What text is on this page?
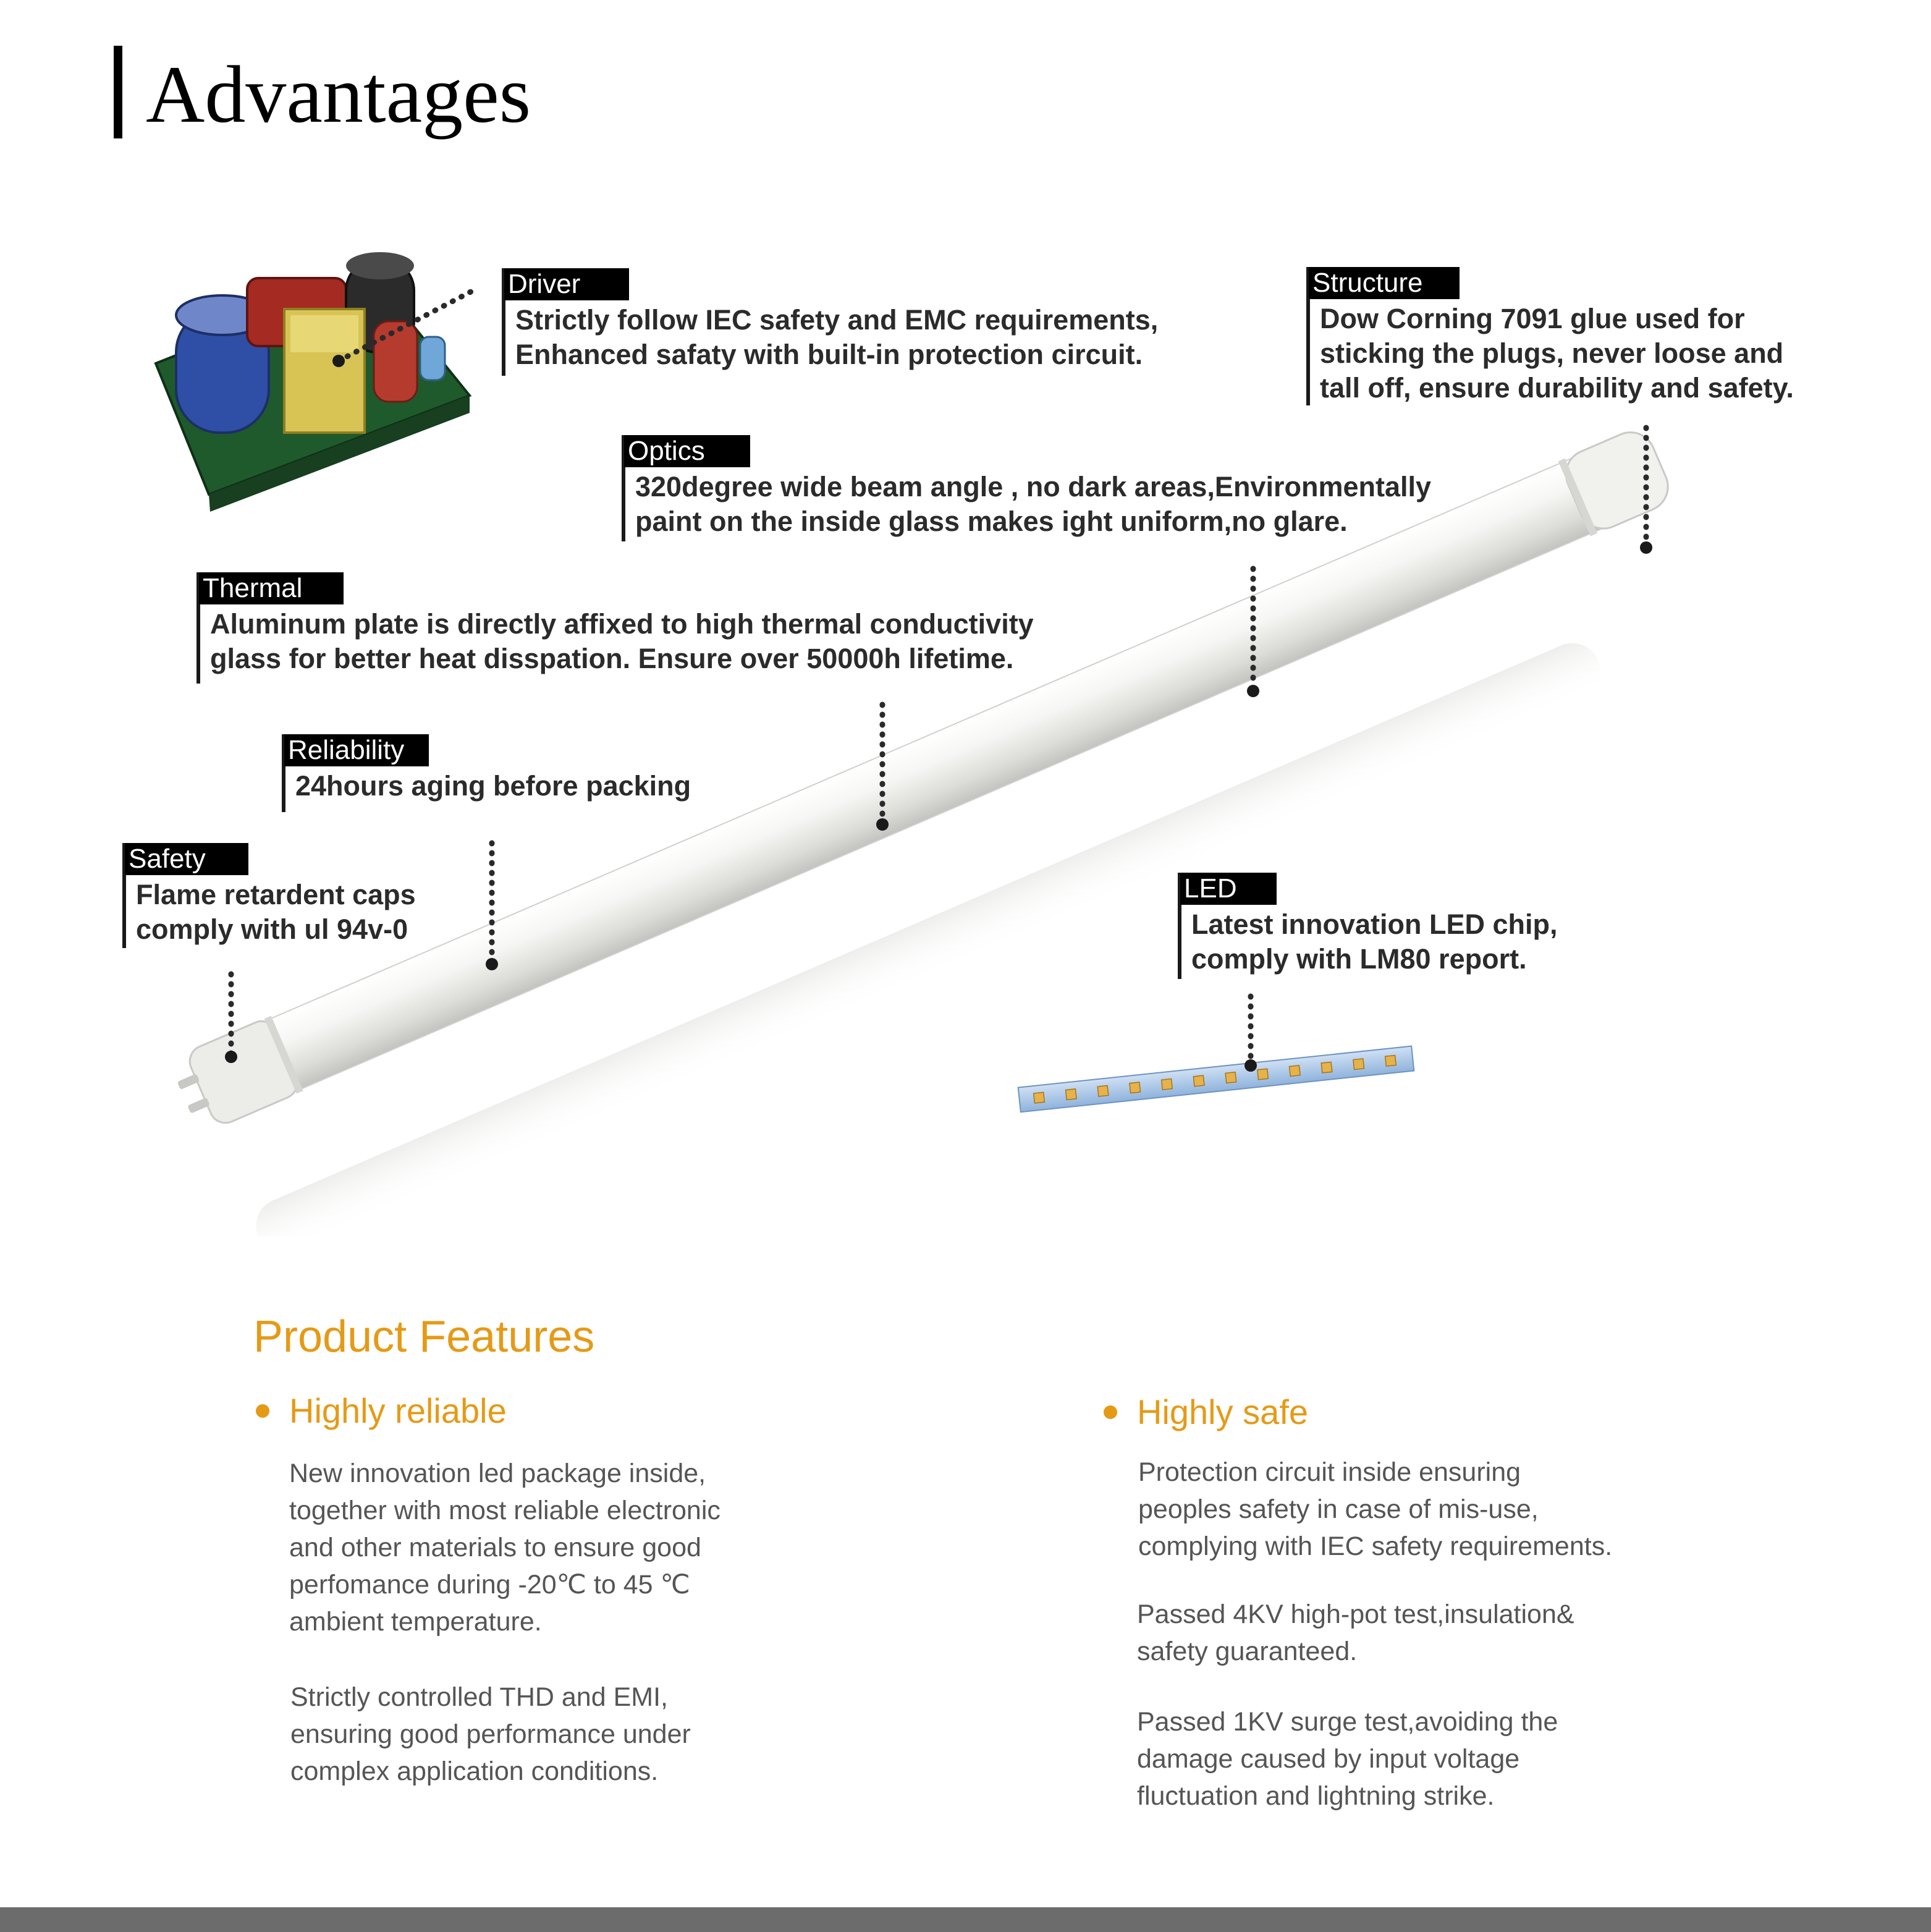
Advantages
Driver
Strictly follow IEC safety and EMC requirements,
Enhanced safaty with built-in protection circuit.
Structure
Dow Corning 7091 glue used for
sticking the plugs, never loose and
tall off, ensure durability and safety.
Optics
320degree wide beam angle , no dark areas,Environmentally
paint on the inside glass makes ight uniform,no glare.
Thermal
Aluminum plate is directly affixed to high thermal conductivity
glass for better heat disspation. Ensure over 50000h lifetime.
Reliability
24hours aging before packing
Safety
Flame retardent caps
comply with ul 94v-0
LED
Latest innovation LED chip,
comply with LM80 report.
Product Features
Highly reliable
New innovation led package inside,
together with most reliable electronic
and other materials to ensure good
perfomance during -20℃ to 45 ℃
ambient temperature.
Strictly controlled THD and EMI,
ensuring good performance under
complex application conditions.
Highly safe
Protection circuit inside ensuring
peoples safety in case of mis-use,
complying with IEC safety requirements.
Passed 4KV high-pot test,insulation&
safety guaranteed.
Passed 1KV surge test,avoiding the
damage caused by input voltage
fluctuation and lightning strike.
